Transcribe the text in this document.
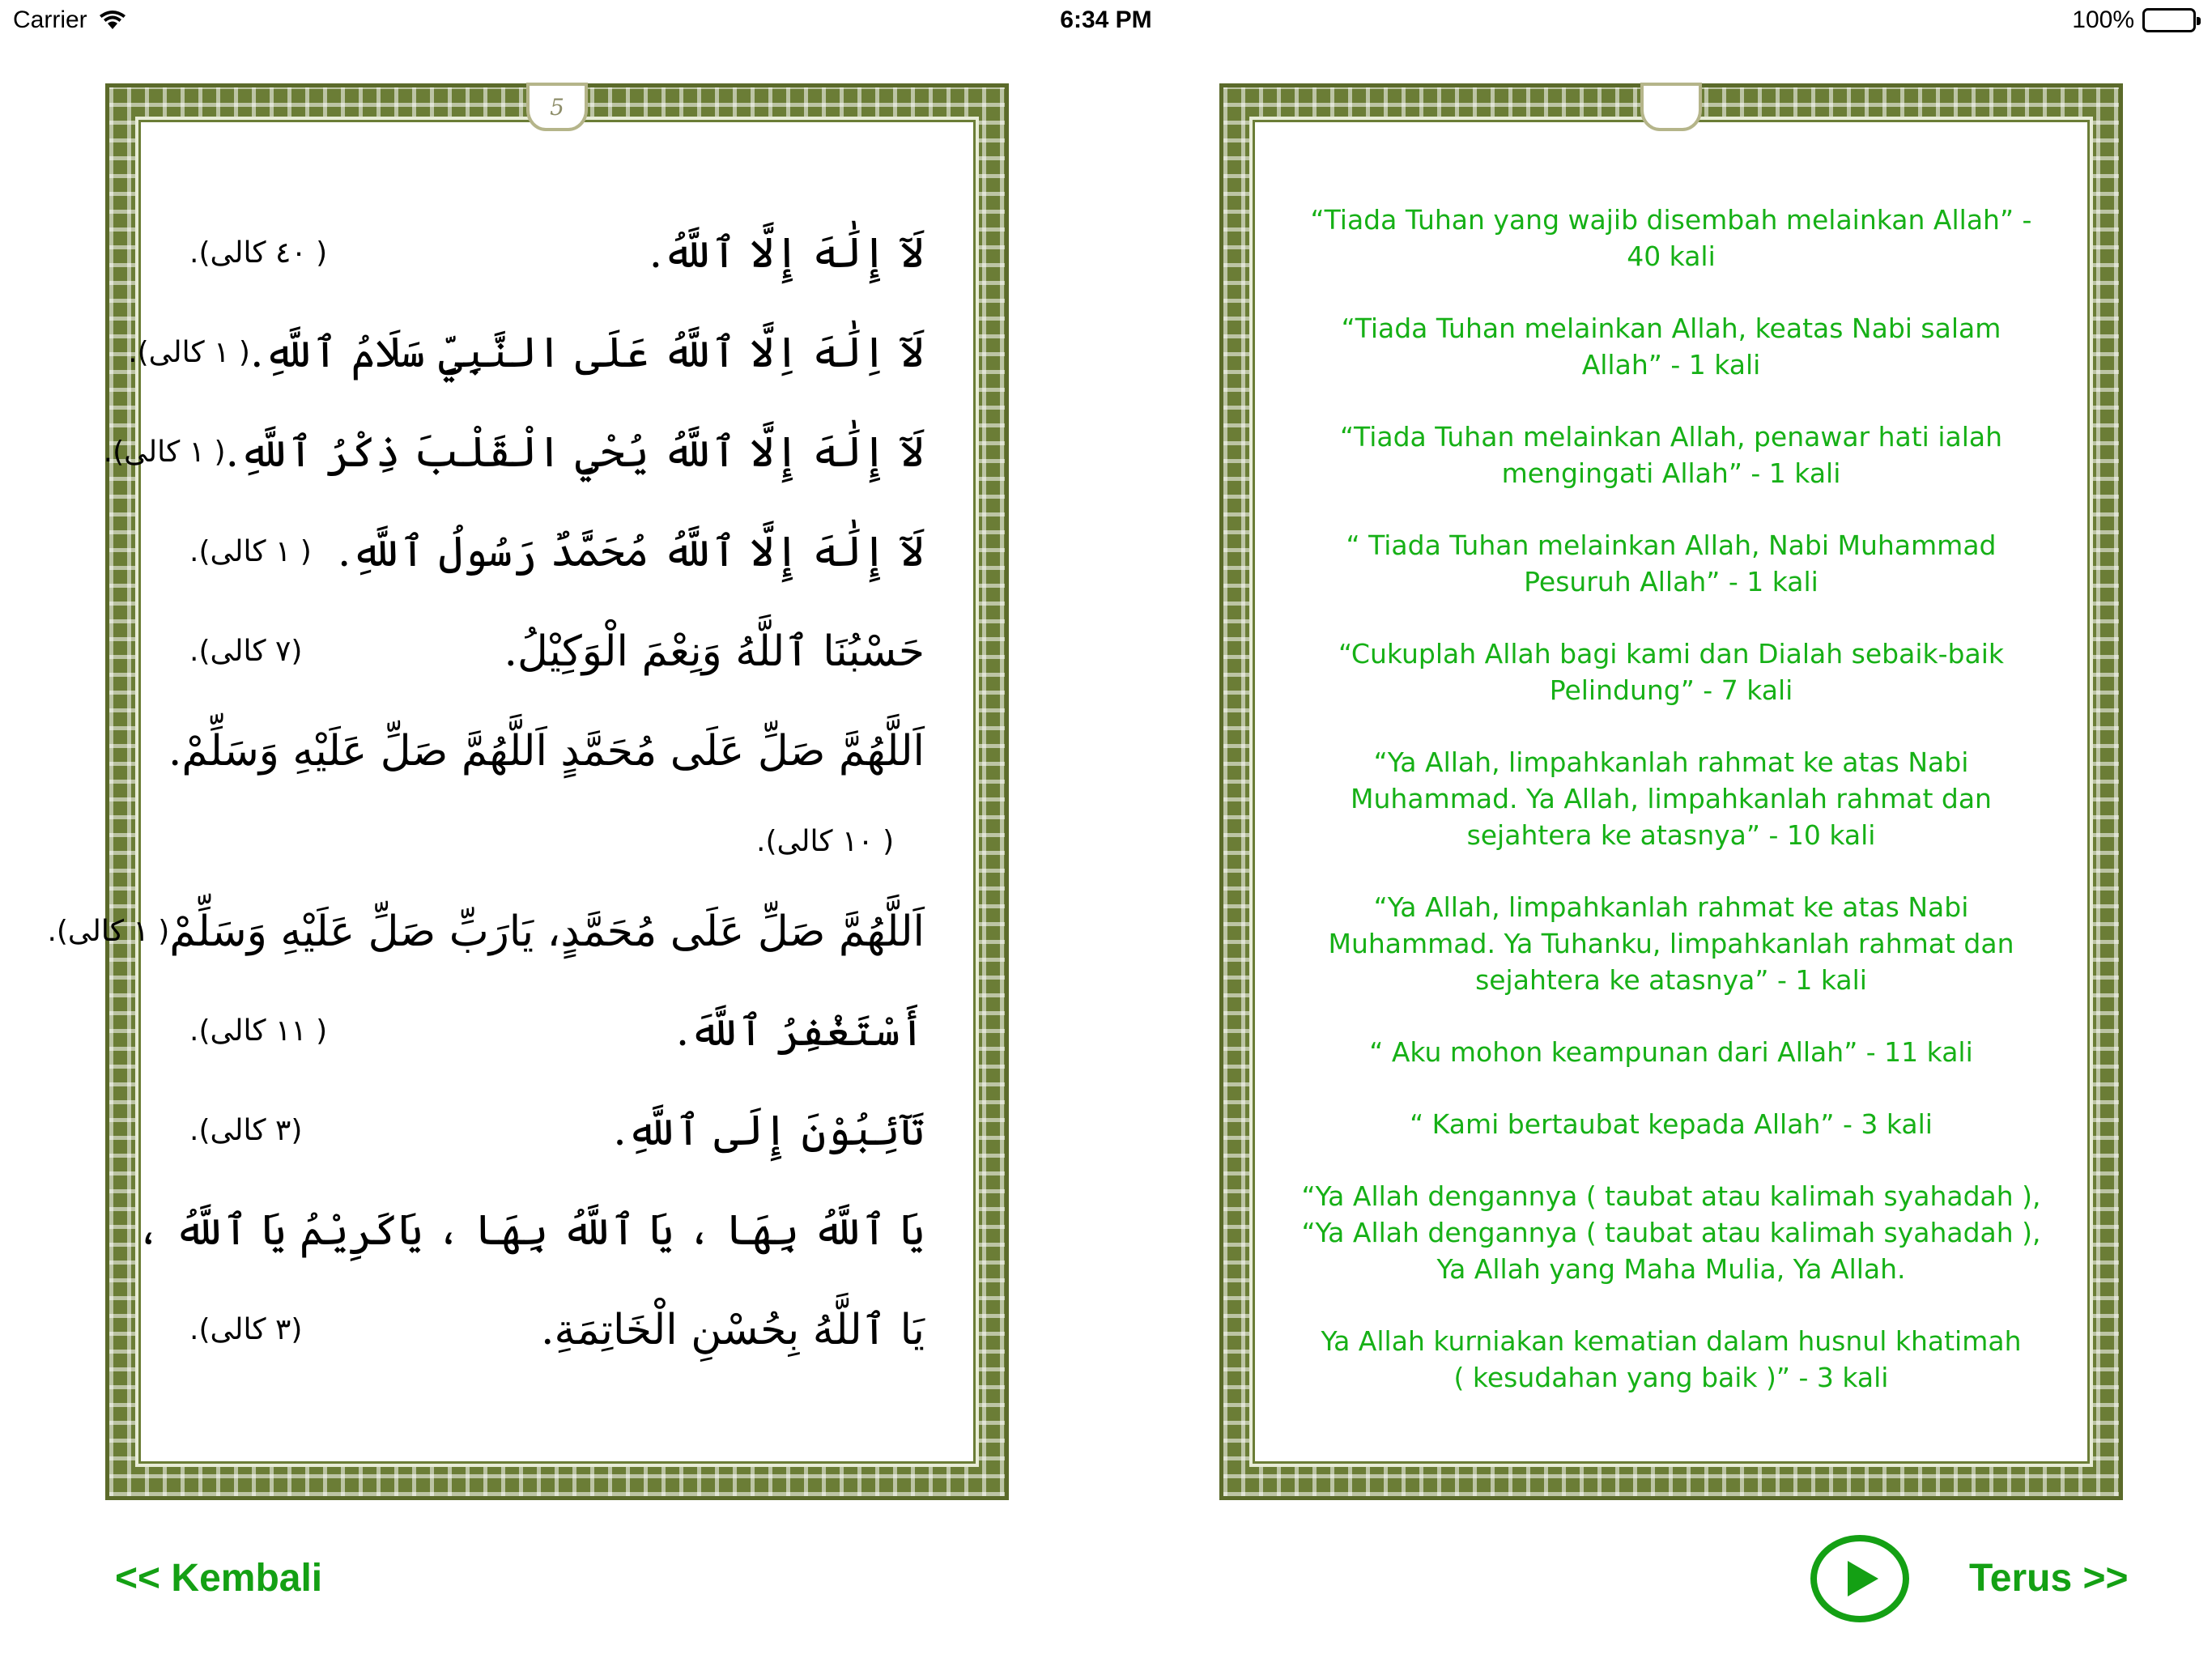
Carrier	6:34 PM	100%
لَآ إِلَٰهَ إِلَّا ٱللَّهُ.
( ٤٠ کالی).
لَآ اِلَٰهَ اِلَّا ٱللَّهُ عَلَى النَّبِيِّ سَلَامُ ٱللَّهِ.
( ١ کالی).
لَآ إِلَٰهَ إِلَّا ٱللَّهُ يُحْيِ الْقَلْبَ ذِكْرُ ٱللَّهِ.
( ١ کالی).
لَآ إِلَٰهَ إِلَّا ٱللَّهُ مُحَمَّدٌ رَسُولُ ٱللَّهِ.
( ١ کالی).
حَسْبُنَا ٱللَّهُ وَنِعْمَ الْوَكِيْلُ.
(٧ کالی).
اَللَّهُمَّ صَلِّ عَلَى مُحَمَّدٍ اَللَّهُمَّ صَلِّ عَلَيْهِ وَسَلِّمْ.
( ١٠ کالی).
اَللَّهُمَّ صَلِّ عَلَى مُحَمَّدٍ، يَارَبِّ صَلِّ عَلَيْهِ وَسَلِّمْ
( ١ کالی).
أَسْتَغْفِرُ ٱللَّهَ.
( ١١ کالی).
تَآئِبُوْنَ إِلَى ٱللَّهِ.
(٣ کالی).
يَا ٱللَّهُ بِهَا ، يَا ٱللَّهُ بِهَا ، يَاكَرِيْمُ يَا ٱللَّهُ ،
يَا ٱللَّهُ بِحُسْنِ الْخَاتِمَةِ.
(٣ کالی).
5
“Tiada Tuhan yang wajib disembah melainkan Allah” -
40 kali
“Tiada Tuhan melainkan Allah, keatas Nabi salam
Allah” - 1 kali
“Tiada Tuhan melainkan Allah, penawar hati ialah
mengingati Allah” - 1 kali
“ Tiada Tuhan melainkan Allah, Nabi Muhammad
Pesuruh Allah” - 1 kali
“Cukuplah Allah bagi kami dan Dialah sebaik-baik
Pelindung” - 7 kali
“Ya Allah, limpahkanlah rahmat ke atas Nabi
Muhammad. Ya Allah, limpahkanlah rahmat dan
sejahtera ke atasnya” - 10 kali
“Ya Allah, limpahkanlah rahmat ke atas Nabi
Muhammad. Ya Tuhanku, limpahkanlah rahmat dan
sejahtera ke atasnya” - 1 kali
“ Aku mohon keampunan dari Allah” - 11 kali
“ Kami bertaubat kepada Allah” - 3 kali
“Ya Allah dengannya ( taubat atau kalimah syahadah ),
“Ya Allah dengannya ( taubat atau kalimah syahadah ),
Ya Allah yang Maha Mulia, Ya Allah.
Ya Allah kurniakan kematian dalam husnul khatimah
( kesudahan yang baik )” - 3 kali
<< Kembali	Terus >>
